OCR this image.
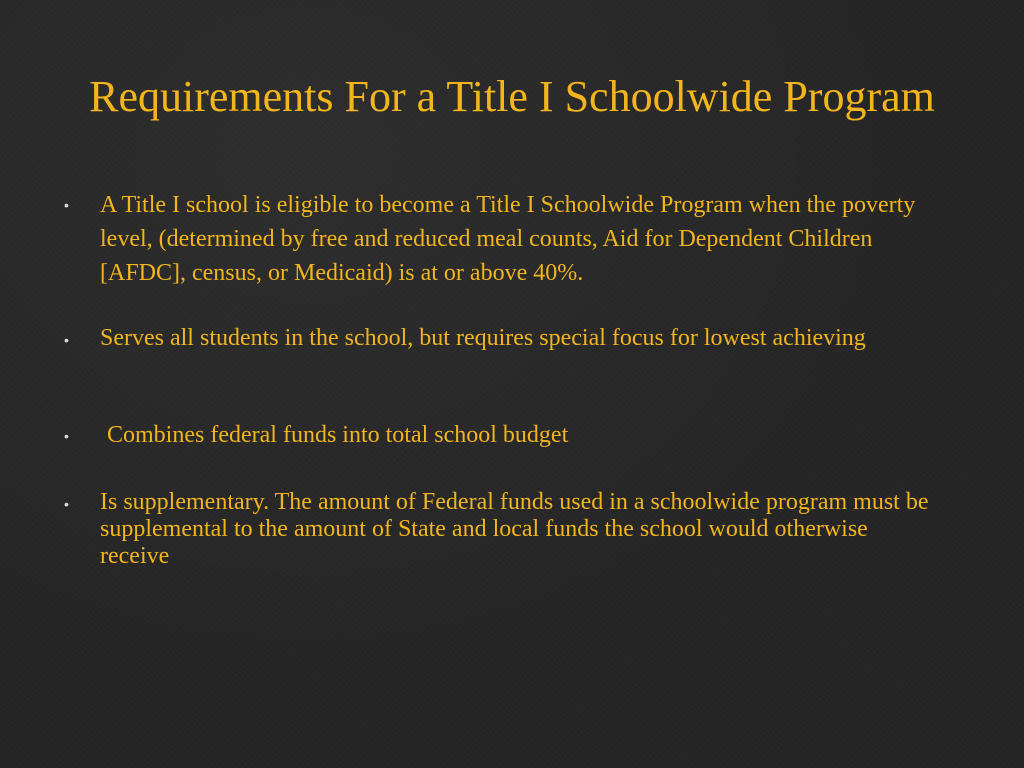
Requirements For a Title I Schoolwide Program
• A Title I school is eligible to become a Title I Schoolwide Program when the poverty level, (determined by free and reduced meal counts, Aid for Dependent Children [AFDC], census, or Medicaid) is at or above 40%.
• Serves all students in the school, but requires special focus for lowest achieving
• Combines federal funds into total school budget
• Is supplementary. The amount of Federal funds used in a schoolwide program must be supplemental to the amount of State and local funds the school would otherwise receive
